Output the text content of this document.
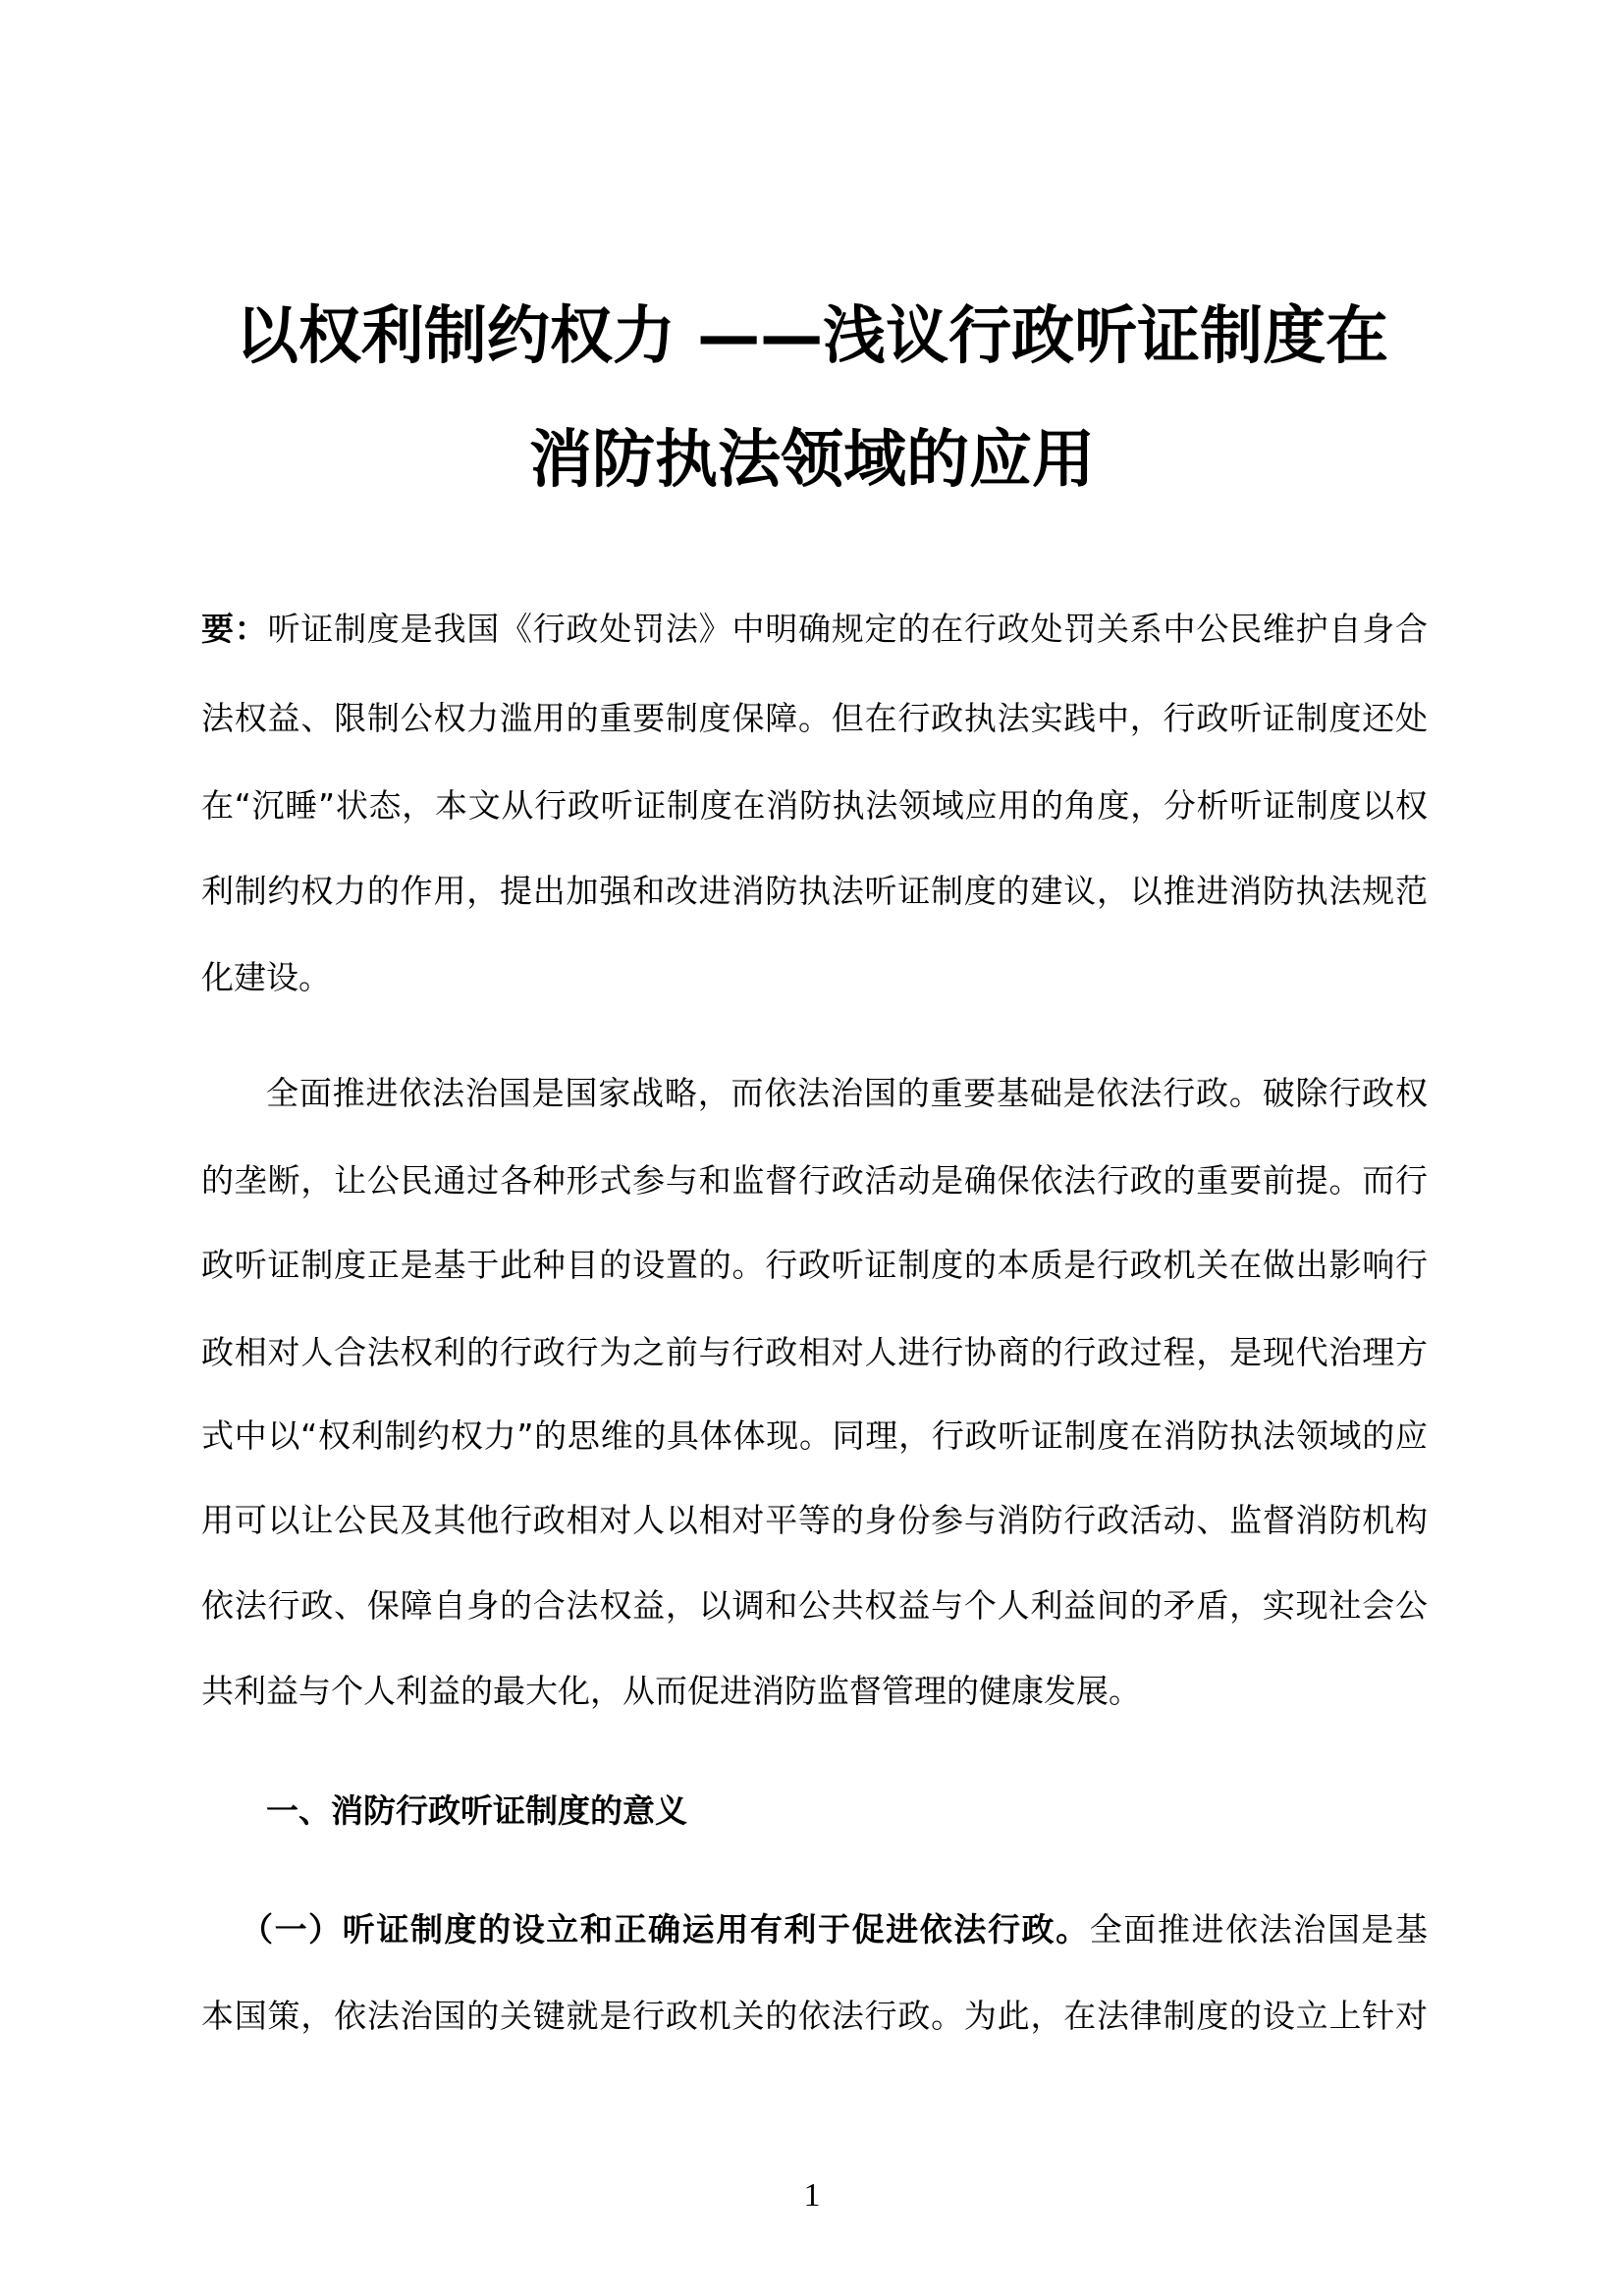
以权利制约权力 ——浅议行政听证制度在
消防执法领域的应用
要：听证制度是我国《行政处罚法》中明确规定的在行政处罚关系中公民维护自身合
法权益、限制公权力滥用的重要制度保障。但在行政执法实践中，行政听证制度还处
在“沉睡”状态，本文从行政听证制度在消防执法领域应用的角度，分析听证制度以权
利制约权力的作用，提出加强和改进消防执法听证制度的建议，以推进消防执法规范
化建设。
全面推进依法治国是国家战略，而依法治国的重要基础是依法行政。破除行政权
的垄断，让公民通过各种形式参与和监督行政活动是确保依法行政的重要前提。而行
政听证制度正是基于此种目的设置的。行政听证制度的本质是行政机关在做出影响行
政相对人合法权利的行政行为之前与行政相对人进行协商的行政过程，是现代治理方
式中以“权利制约权力”的思维的具体体现。同理，行政听证制度在消防执法领域的应
用可以让公民及其他行政相对人以相对平等的身份参与消防行政活动、监督消防机构
依法行政、保障自身的合法权益，以调和公共权益与个人利益间的矛盾，实现社会公
共利益与个人利益的最大化，从而促进消防监督管理的健康发展。
一、消防行政听证制度的意义
（一）听证制度的设立和正确运用有利于促进依法行政。全面推进依法治国是基
本国策，依法治国的关键就是行政机关的依法行政。为此，在法律制度的设立上针对
1
